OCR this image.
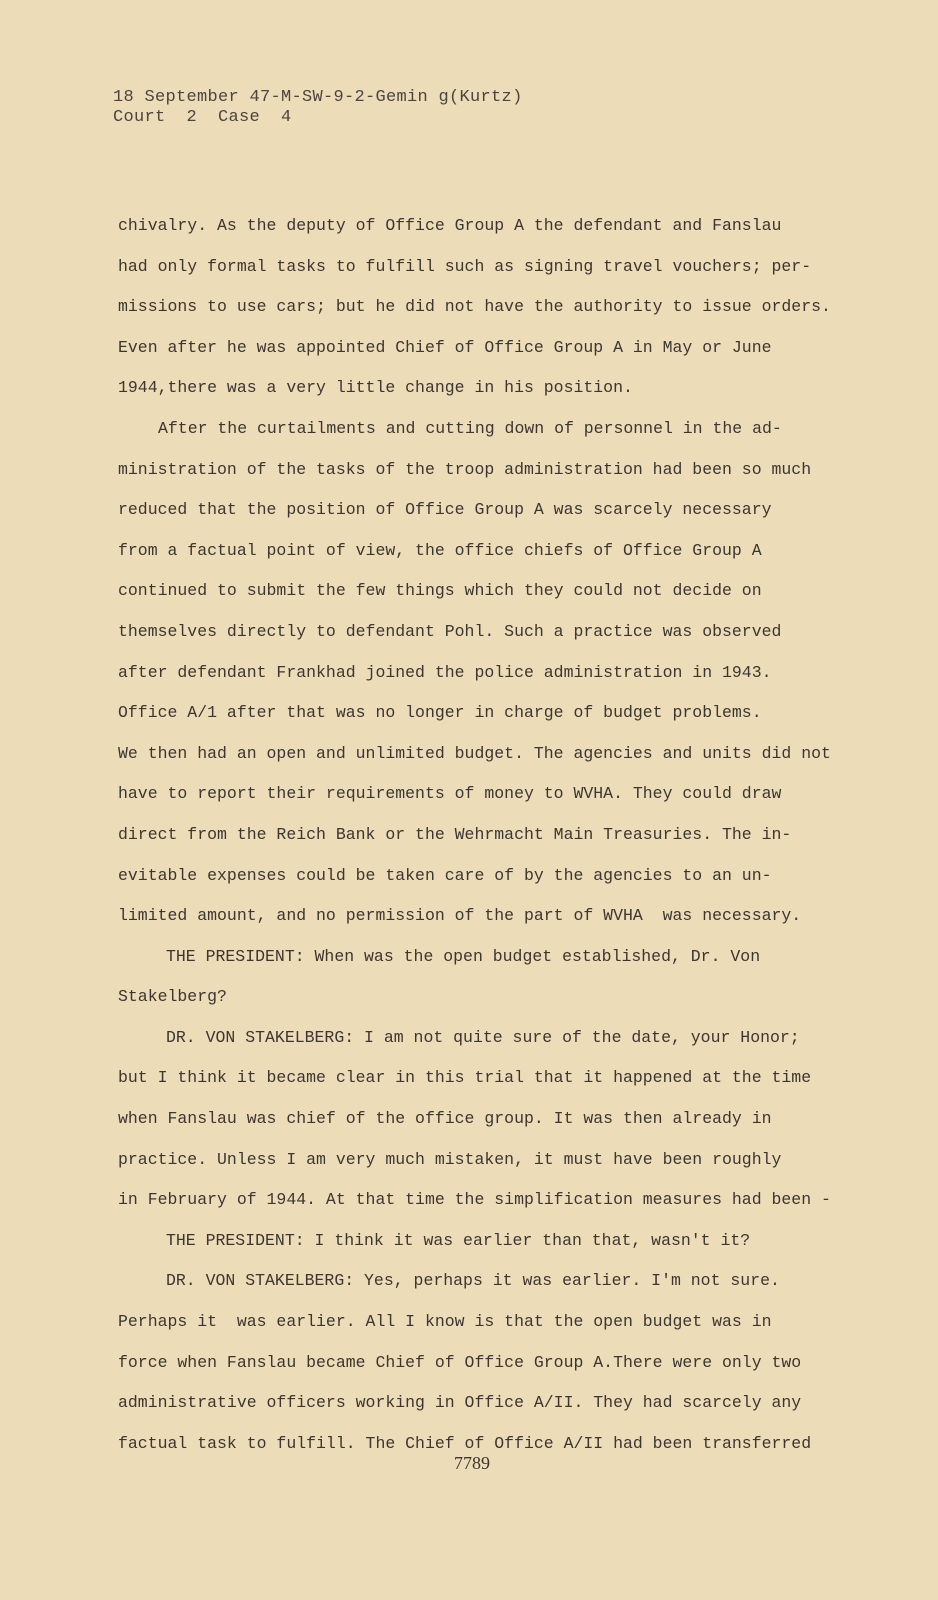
18 September 47-M-SW-9-2-Gemin g(Kurtz)
Court  2  Case  4
chivalry. As the deputy of Office Group A the defendant and Fanslau
had only formal tasks to fulfill such as signing travel vouchers; per-
missions to use cars; but he did not have the authority to issue orders.
Even after he was appointed Chief of Office Group A in May or June
1944,there was a very little change in his position.
After the curtailments and cutting down of personnel in the ad-
ministration of the tasks of the troop administration had been so much
reduced that the position of Office Group A was scarcely necessary
from a factual point of view, the office chiefs of Office Group A
continued to submit the few things which they could not decide on
themselves directly to defendant Pohl. Such a practice was observed
after defendant Frankhad joined the police administration in 1943.
Office A/1 after that was no longer in charge of budget problems.
We then had an open and unlimited budget. The agencies and units did not
have to report their requirements of money to WVHA. They could draw
direct from the Reich Bank or the Wehrmacht Main Treasuries. The in-
evitable expenses could be taken care of by the agencies to an un-
limited amount, and no permission of the part of WVHA  was necessary.
THE PRESIDENT: When was the open budget established, Dr. Von
Stakelberg?
DR. VON STAKELBERG: I am not quite sure of the date, your Honor;
but I think it became clear in this trial that it happened at the time
when Fanslau was chief of the office group. It was then already in
practice. Unless I am very much mistaken, it must have been roughly
in February of 1944. At that time the simplification measures had been -
THE PRESIDENT: I think it was earlier than that, wasn't it?
DR. VON STAKELBERG: Yes, perhaps it was earlier. I'm not sure.
Perhaps it  was earlier. All I know is that the open budget was in
force when Fanslau became Chief of Office Group A.There were only two
administrative officers working in Office A/II. They had scarcely any
factual task to fulfill. The Chief of Office A/II had been transferred
7789
